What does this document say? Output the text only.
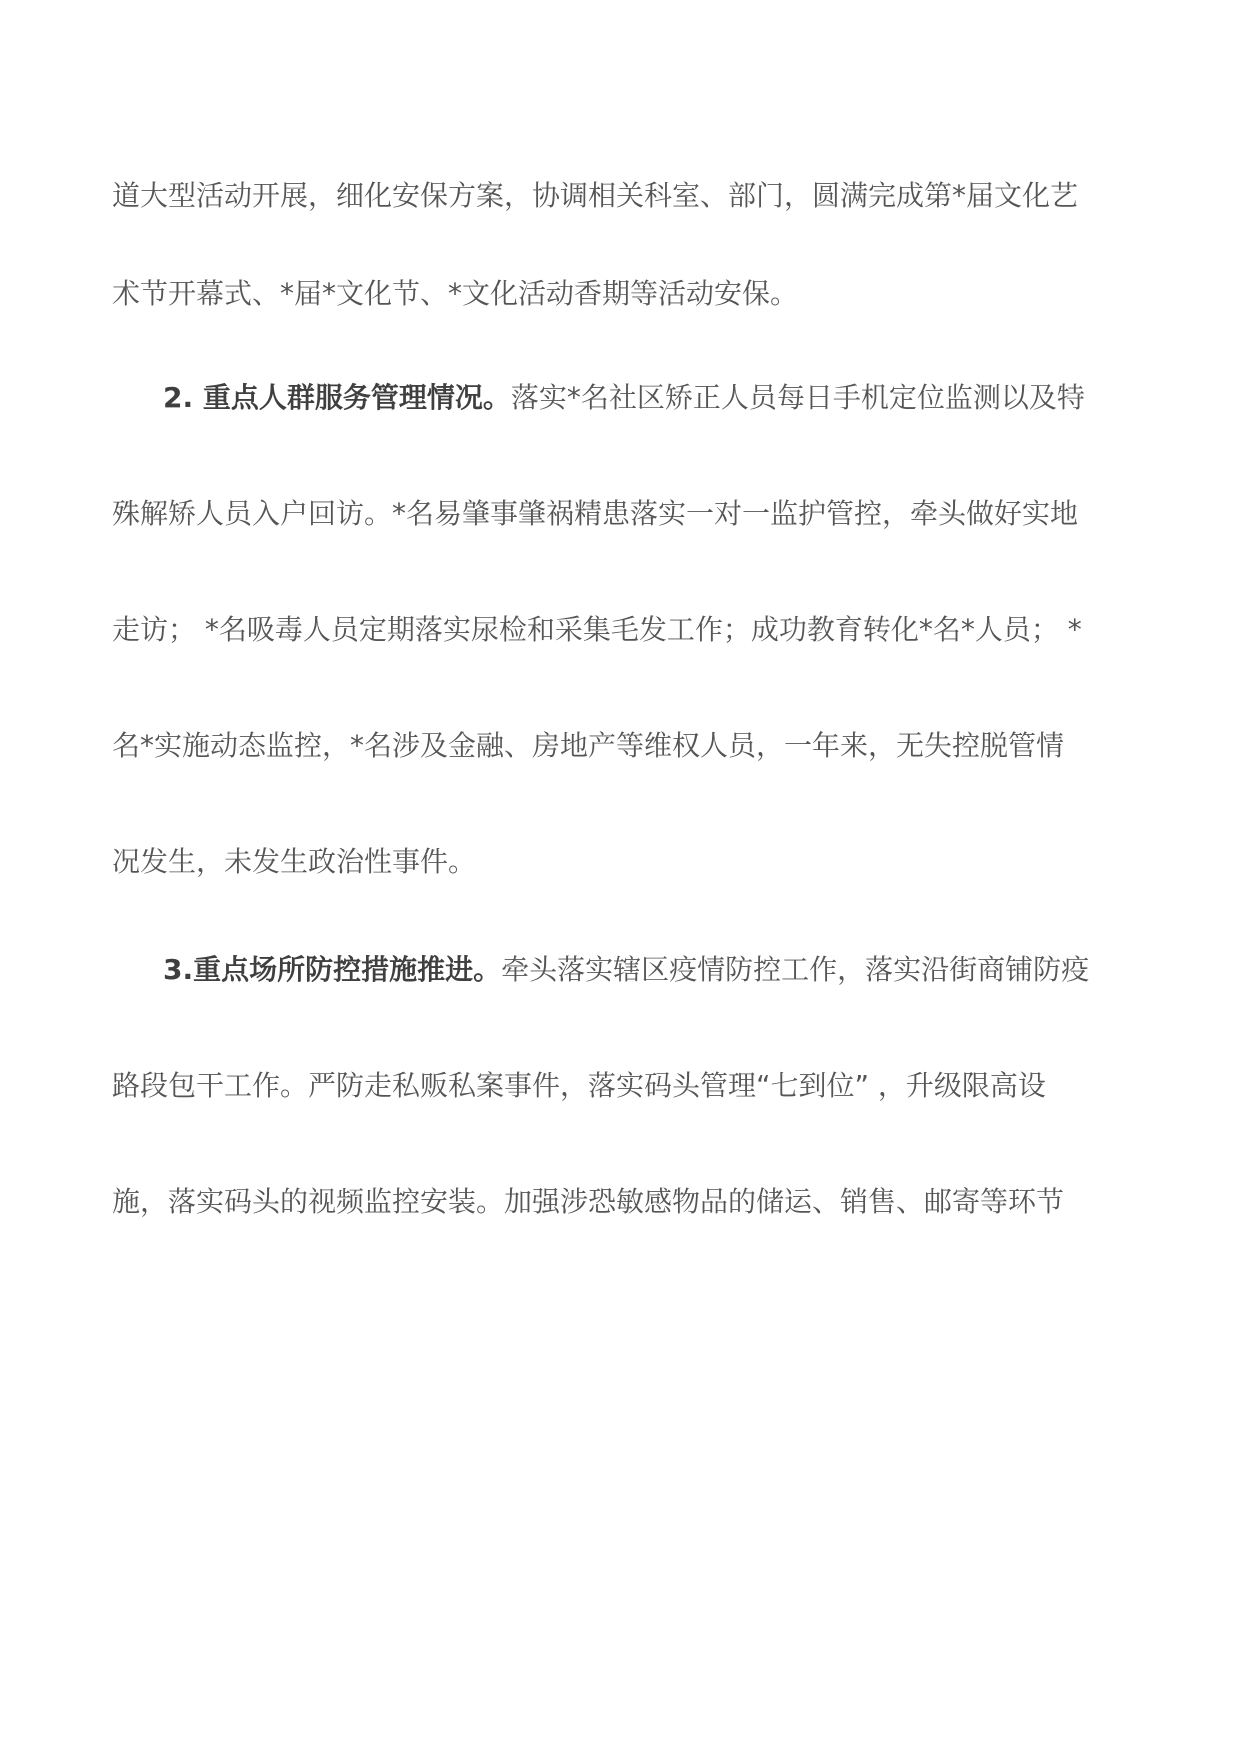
道大型活动开展，细化安保方案，协调相关科室、部门，圆满完成第*届文化艺
术节开幕式、*届*文化节、*文化活动香期等活动安保。
2. 重点人群服务管理情况。落实*名社区矫正人员每日手机定位监测以及特
殊解矫人员入户回访。*名易肇事肇祸精患落实一对一监护管控，牵头做好实地
走访； *名吸毒人员定期落实尿检和采集毛发工作；成功教育转化*名*人员； *
名*实施动态监控，*名涉及金融、房地产等维权人员，一年来，无失控脱管情
况发生，未发生政治性事件。
3.重点场所防控措施推进。牵头落实辖区疫情防控工作，落实沿街商铺防疫
路段包干工作。严防走私贩私案事件，落实码头管理“七到位” ，升级限高设
施，落实码头的视频监控安装。加强涉恐敏感物品的储运、销售、邮寄等环节
